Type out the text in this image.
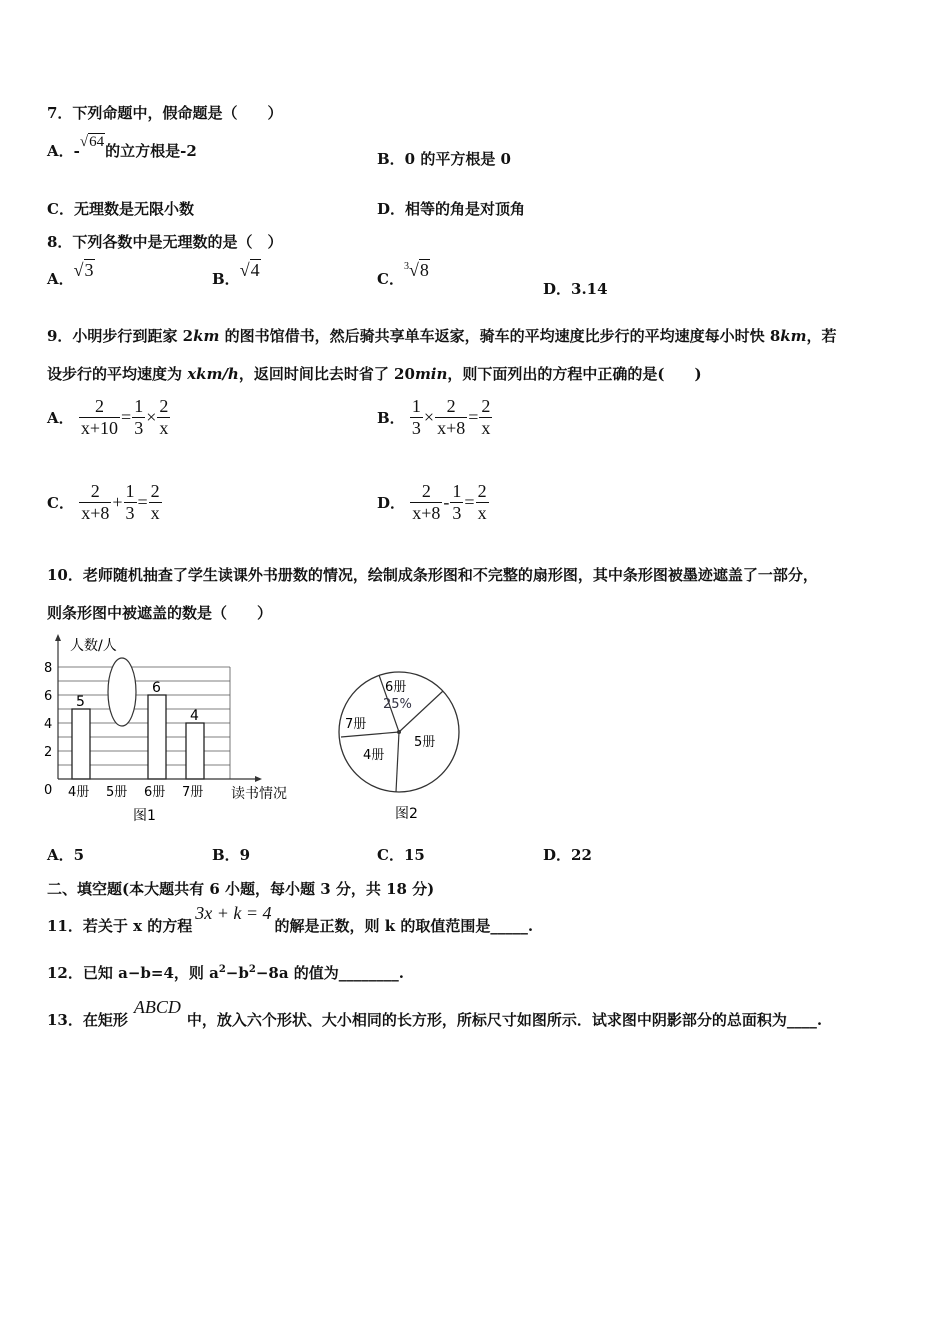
7．下列命题中，假命题是（　　）
A．-√64的立方根是-2	B．0 的平方根是 0
C．无理数是无限小数	D．相等的角是对顶角
8．下列各数中是无理数的是（　）
A．√3	B．√4	C．$^3$√8
D．3.14
9．小明步行到距家 2km 的图书馆借书，然后骑共享单车返家，骑车的平均速度比步行的平均速度每小时快 8km，若
设步行的平均速度为 xkm/h，返回时间比去时省了 20min，则下面列出的方程中正确的是(　　)
A． $\frac{2}{x+10} = \frac{1}{3} \times \frac{2}{x}$	B． $\frac{1}{3} \times \frac{2}{x+8} = \frac{2}{x}$
C． $\frac{2}{x+8} + \frac{1}{3} = \frac{2}{x}$	D． $\frac{2}{x+8} - \frac{1}{3} = \frac{2}{x}$
10．老师随机抽查了学生读课外书册数的情况，绘制成条形图和不完整的扇形图，其中条形图被墨迹遮盖了一部分，
则条形图中被遮盖的数是（　　）
5
6
4
人数/人
读书情况
0
2
4
6
8
4册 5册 6册 7册
图1
6册
25%
5册
4册
7册
图2
A．5	B．9	C．15	D．22
二、填空题(本大题共有 6 小题，每小题 3 分，共 18 分)
11．若关于 x 的方程3x + k = 4的解是正数，则 k 的取值范围是_____.
12．已知 a−b=4，则 $a^2-b^2-8a$ 的值为________.
13．在矩形ABCD中，放入六个形状、大小相同的长方形，所标尺寸如图所示．试求图中阴影部分的总面积为____.
